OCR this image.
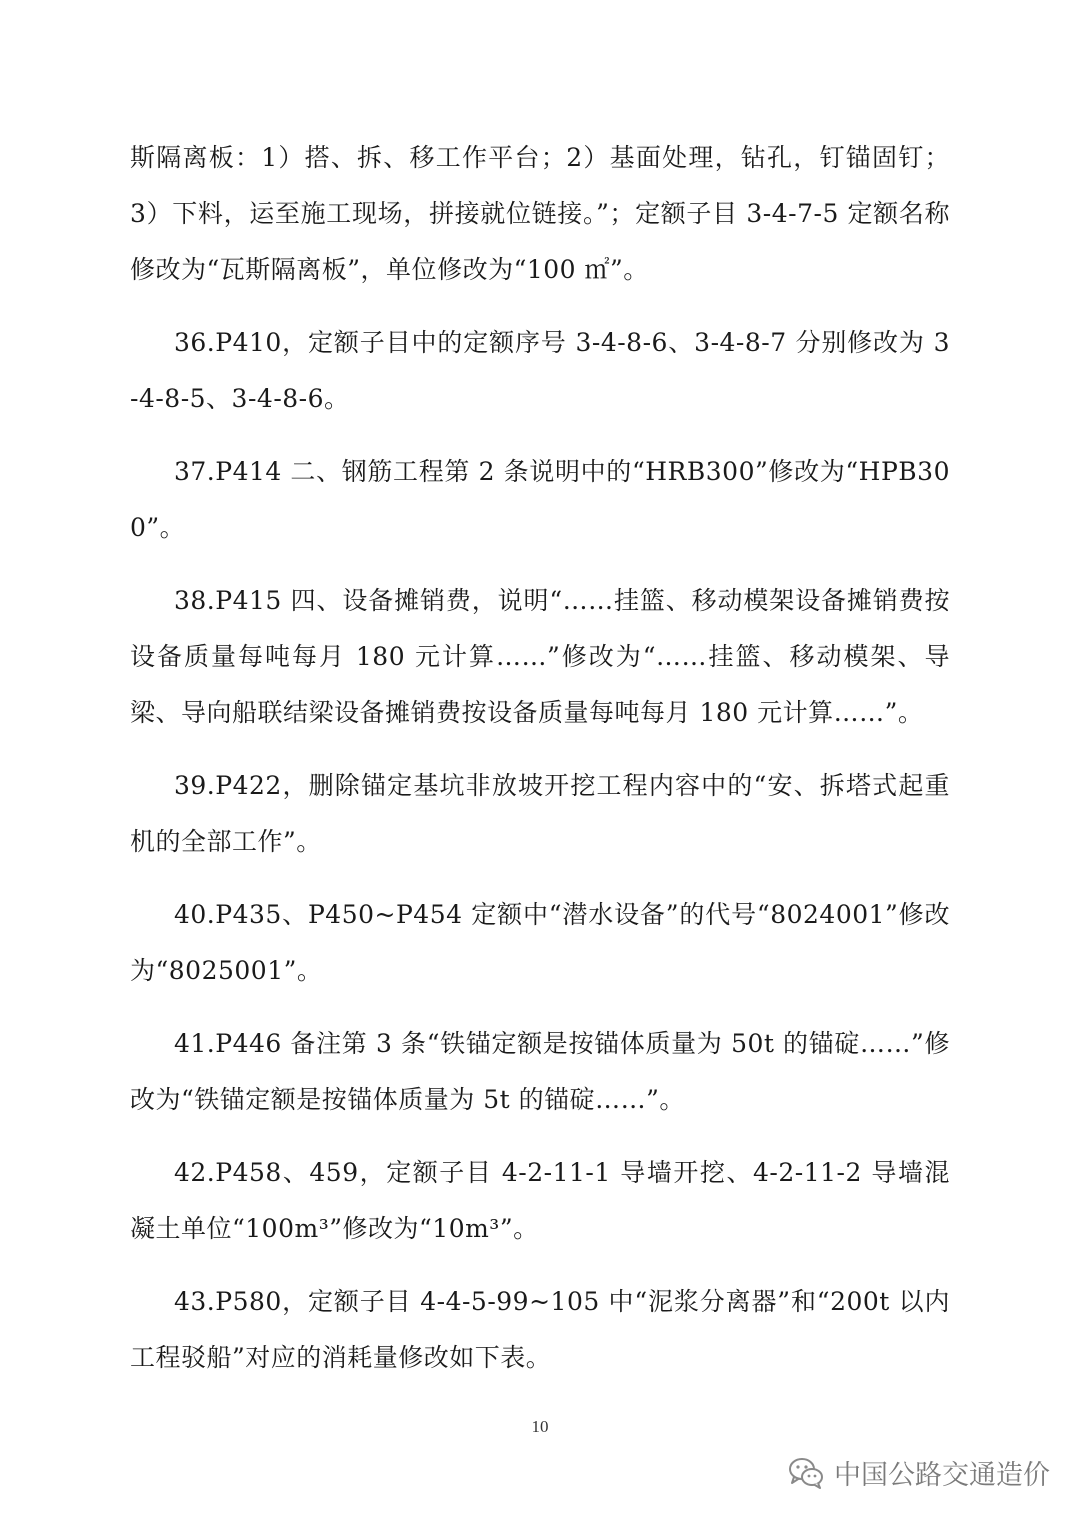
斯隔离板：1）搭、拆、移工作平台；2）基面处理，钻孔，钉锚固钉；3）下料，运至施工现场，拼接就位链接。”；定额子目 3-4-7-5 定额名称修改为“瓦斯隔离板”，单位修改为“100 ㎡”。

36.P410，定额子目中的定额序号 3-4-8-6、3-4-8-7 分别修改为 3-4-8-5、3-4-8-6。

37.P414 二、钢筋工程第 2 条说明中的“HRB300”修改为“HPB300”。

38.P415 四、设备摊销费，说明“……挂篮、移动模架设备摊销费按设备质量每吨每月 180 元计算……”修改为“……挂篮、移动模架、导梁、导向船联结梁设备摊销费按设备质量每吨每月 180 元计算……”。

39.P422，删除锚定基坑非放坡开挖工程内容中的“安、拆塔式起重机的全部工作”。

40.P435、P450~P454 定额中“潜水设备”的代号“8024001”修改为“8025001”。

41.P446 备注第 3 条“铁锚定额是按锚体质量为 50t 的锚碇……”修改为“铁锚定额是按锚体质量为 5t 的锚碇……”。

42.P458、459，定额子目 4-2-11-1 导墙开挖、4-2-11-2 导墙混凝土单位“100m³”修改为“10m³”。

43.P580，定额子目 4-4-5-99~105 中“泥浆分离器”和“200t 以内工程驳船”对应的消耗量修改如下表。

10
中国公路交通造价
